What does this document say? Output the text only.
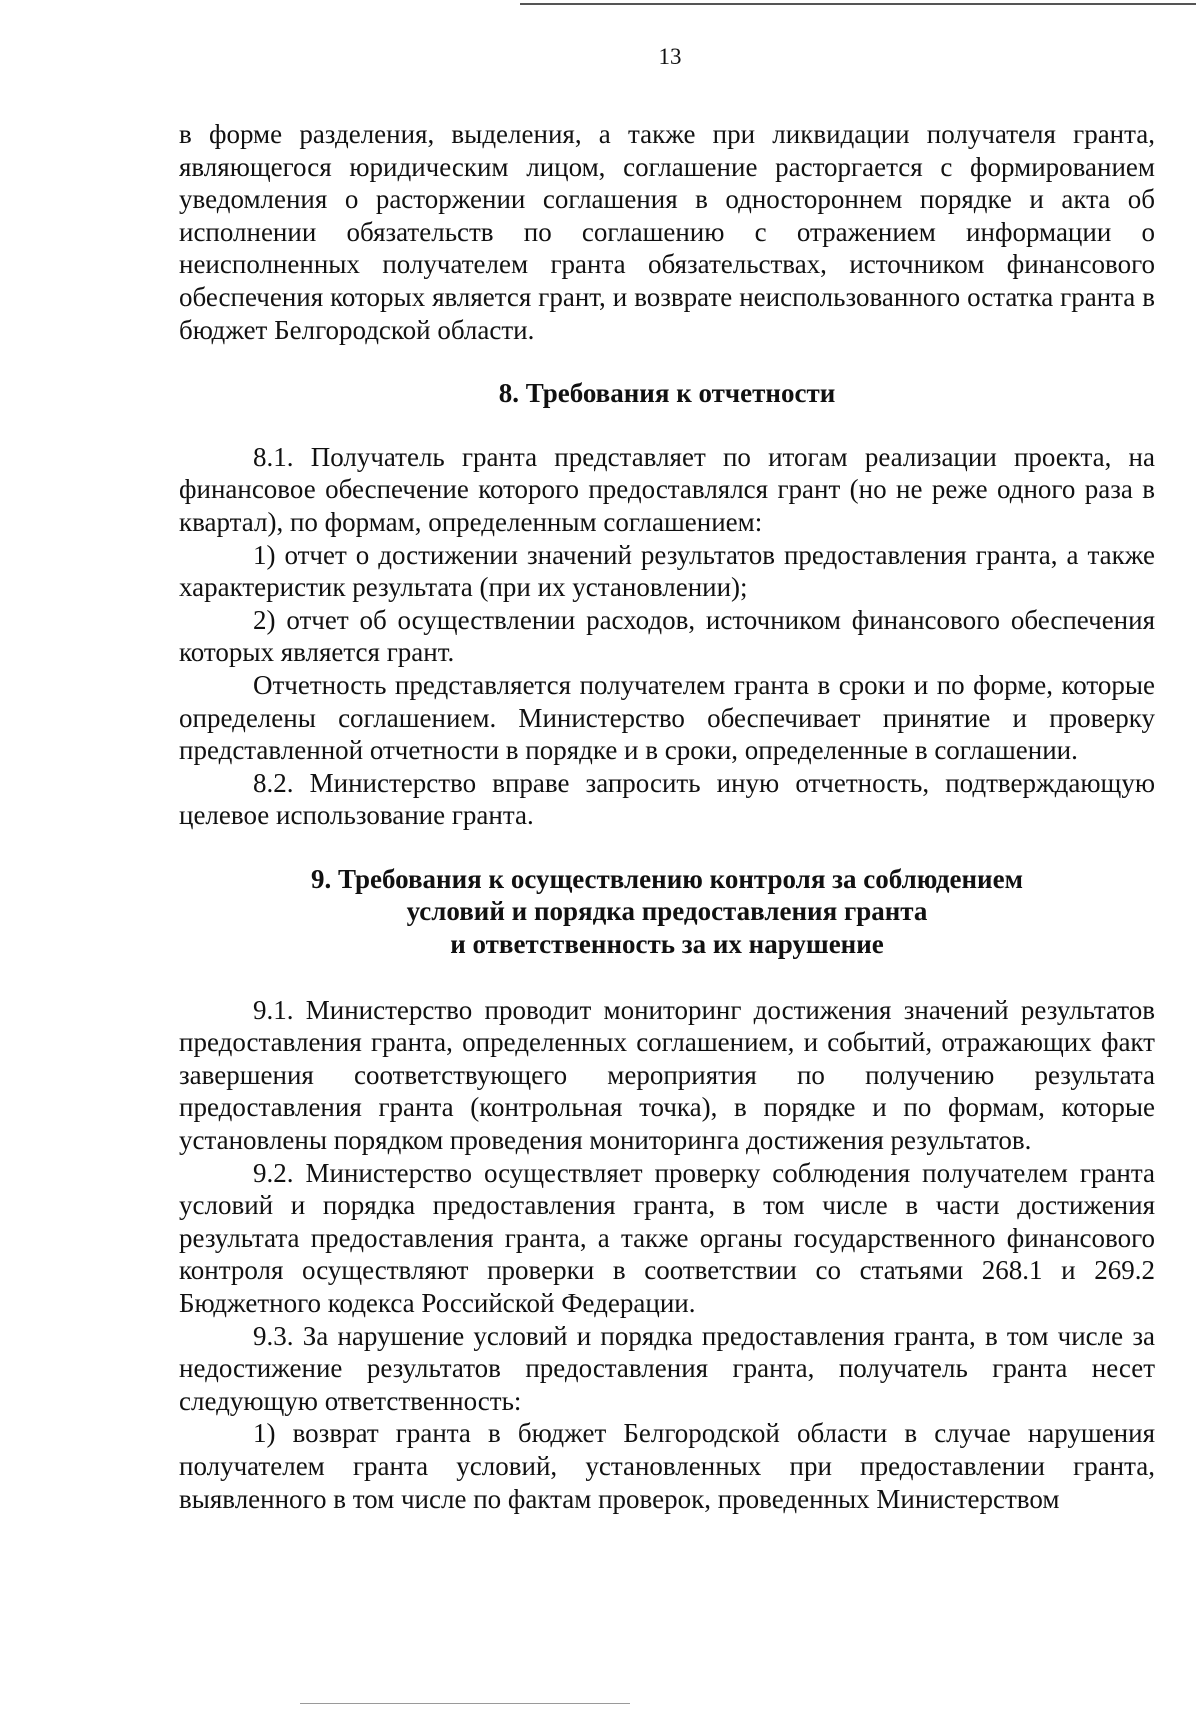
13

в форме разделения, выделения, а также при ликвидации получателя гранта, являющегося юридическим лицом, соглашение расторгается с формированием уведомления о расторжении соглашения в одностороннем порядке и акта об исполнении обязательств по соглашению с отражением информации о неисполненных получателем гранта обязательствах, источником финансового обеспечения которых является грант, и возврате неиспользованного остатка гранта в бюджет Белгородской области.

8. Требования к отчетности

8.1. Получатель гранта представляет по итогам реализации проекта, на финансовое обеспечение которого предоставлялся грант (но не реже одного раза в квартал), по формам, определенным соглашением:

1) отчет о достижении значений результатов предоставления гранта, а также характеристик результата (при их установлении);

2) отчет об осуществлении расходов, источником финансового обеспечения которых является грант.

Отчетность представляется получателем гранта в сроки и по форме, которые определены соглашением. Министерство обеспечивает принятие и проверку представленной отчетности в порядке и в сроки, определенные в соглашении.

8.2. Министерство вправе запросить иную отчетность, подтверждающую целевое использование гранта.

9. Требования к осуществлению контроля за соблюдением

условий и порядка предоставления гранта

и ответственность за их нарушение

9.1. Министерство проводит мониторинг достижения значений результатов предоставления гранта, определенных соглашением, и событий, отражающих факт завершения соответствующего мероприятия по получению результата предоставления гранта (контрольная точка), в порядке и по формам, которые установлены порядком проведения мониторинга достижения результатов.

9.2. Министерство осуществляет проверку соблюдения получателем гранта условий и порядка предоставления гранта, в том числе в части достижения результата предоставления гранта, а также органы государственного финансового контроля осуществляют проверки в соответствии со статьями 268.1 и 269.2 Бюджетного кодекса Российской Федерации.

9.3. За нарушение условий и порядка предоставления гранта, в том числе за недостижение результатов предоставления гранта, получатель гранта несет следующую ответственность:

1) возврат гранта в бюджет Белгородской области в случае нарушения получателем гранта условий, установленных при предоставлении гранта, выявленного в том числе по фактам проверок, проведенных Министерством
